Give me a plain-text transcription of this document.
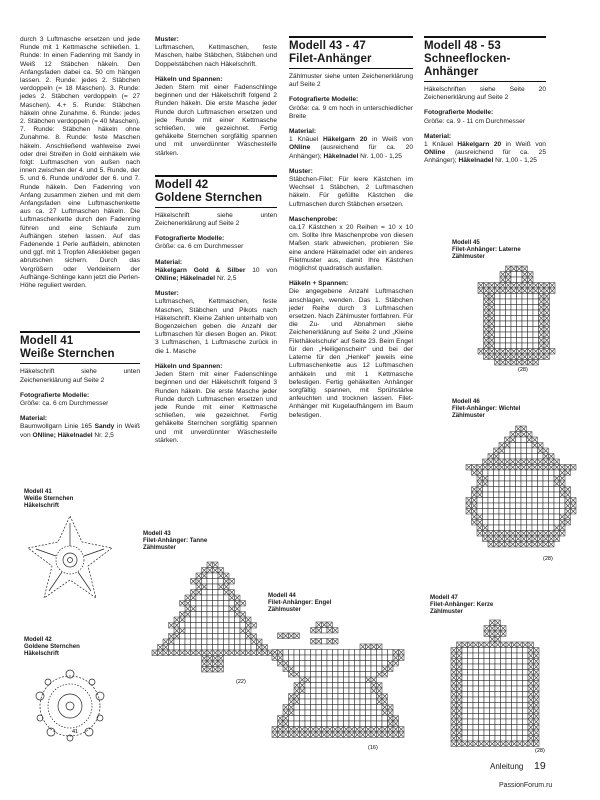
durch 3 Luftmasche ersetzen und jede Runde mit 1 Kettmasche schließen. 1. Runde: In einen Fadenring mit Sandy in Weiß 12 Stäbchen häkeln. Den Anfangsfaden dabei ca. 50 cm hängen lassen. 2. Runde: jedes 2. Stäbchen verdoppeln (= 18 Maschen). 3. Runde: jedes 2. Stäbchen verdoppeln (= 27 Maschen). 4.+ 5. Runde: Stäbchen häkeln ohne Zunahme. 6. Runde: jedes 2. Stäbchen verdoppeln (= 40 Maschen). 7. Runde: Stäbchen häkeln ohne Zunahme. 8. Runde: feste Maschen häkeln. Anschließend wahlweise zwei oder drei Streifen in Gold einhäkeln wie folgt: Luftmaschen von außen nach innen zwischen der 4. und 5. Runde, der 5. und 6. Runde und/oder der 6. und 7. Runde häkeln. Den Fadenring von Anfang zusammen ziehen und mit dem Anfangsfaden eine Luftmaschenkette aus ca. 27 Luftmaschen häkeln. Die Luftmaschenkette durch den Fadenring führen und eine Schlaufe zum Aufhängen stehen lassen. Auf das Fadenende 1 Perle auffädeln, abknoten und ggf. mit 1 Tropfen Alleskleber gegen abrutschen sichern. Durch das Vergrößern oder Verkleinern der Aufhänge-Schlinge kann jetzt die Perlen-Höhe reguliert werden.

Modell 41
Weiße Sternchen

Häkelschrift siehe unten Zeichenerklärung auf Seite 2

Fotografierte Modelle:
Größe: ca. 6 cm Durchmesser

Material:
Baumwollgarn Linie 165 Sandy in Weiß von ONline; Häkelnadel Nr. 2,5

Muster:
Luftmaschen, Kettmaschen, feste Maschen, halbe Stäbchen, Stäbchen und Doppelstäbchen nach Häkelschrift.

Häkeln und Spannen:
Jeden Stern mit einer Fadenschlinge beginnen und der Häkelschrift folgend 2 Runden häkeln. Die erste Masche jeder Runde durch Luftmaschen ersetzen und jede Runde mit einer Kettmasche schließen, wie gezeichnet. Fertig gehäkelte Sternchen sorgfältig spannen und mit unverdünnter Wäschesteife stärken.

Modell 42
Goldene Sternchen

Häkelschrift siehe unten Zeichenerklärung auf Seite 2

Fotografierte Modelle:
Größe: ca. 6 cm Durchmesser

Material:
Häkelgarn Gold & Silber 10 von ONline; Häkelnadel Nr. 2,5

Muster:
Luftmaschen, Kettmaschen, feste Maschen, Stäbchen und Pikots nach Häkelschrift. Kleine Zahlen unterhalb von Bogenzeichen geben die Anzahl der Luftmaschen für diesen Bogen an. Pikot: 3 Luftmaschen, 1 Luftmasche zurück in die 1. Masche

Häkeln und Spannen:
Jeden Stern mit einer Fadenschlinge beginnen und der Häkelschrift folgend 3 Runden häkeln. Die erste Masche jeder Runde durch Luftmaschen ersetzen und jede Runde mit einer Kettmasche schließen, wie gezeichnet. Fertig gehäkelte Sternchen sorgfältig spannen und mit unverdünnter Wäschesteife stärken.

Modell 43 - 47
Filet-Anhänger

Zählmuster siehe unten Zeichenerklärung auf Seite 2

Fotografierte Modelle:
Größe: ca. 9 cm hoch in unterschiedlicher Breite

Material:
1 Knäuel Häkelgarn 20 in Weiß von ONline (ausreichend für ca. 20 Anhänger); Häkelnadel Nr. 1,00 - 1,25

Muster:
Stäbchen-Filet: Für leere Kästchen im Wechsel 1 Stäbchen, 2 Luftmaschen häkeln. Für gefüllte Kästchen die Luftmaschen durch Stäbchen ersetzen.

Maschenprobe:
ca.17 Kästchen x 20 Reihen = 10 x 10 cm. Sollte Ihre Maschenprobe von diesen Maßen stark abweichen, probieren Sie eine andere Häkelnadel oder ein anderes Filetmuster aus, damit Ihre Kästchen möglichst quadratisch ausfallen.

Häkeln + Spannen:
Die angegebene Anzahl Luftmaschen anschlagen, wenden. Das 1. Stäbchen jeder Reihe durch 3 Luftmaschen ersetzen. Nach Zählmuster fortfahren. Für die Zu- und Abnahmen siehe Zeichenerklärung auf Seite 2 und „Kleine Filethäkelschule“ auf Seite 23. Beim Engel für den „Heiligenschein“ und bei der Laterne für den „Henkel“ jeweils eine Luftmaschenkette aus 12 Luftmaschen anhäkeln und mit 1 Kettmasche befestigen. Fertig gehäkelten Anhänger sorgfältig spannen, mit Sprühstärke anfeuchten und trocknen lassen. Filet-Anhänger mit Kugelaufhängern im Baum befestigen.

Modell 48 - 53
Schneeflocken-
Anhänger

Häkelschriften siehe Seite 20 Zeichenerklärung auf Seite 2

Fotografierte Modelle:
Größe: ca. 9 - 11 cm Durchmesser

Material:
1 Knäuel Häkelgarn 20 in Weiß von ONline (ausreichend für ca. 25 Anhänger); Häkelnadel Nr. 1,00 - 1,25

Modell 41
Weiße Sternchen
Häkelschrift
Modell 42
Goldene Sternchen
Häkelschrift
Modell 43
Filet-Anhänger: Tanne
Zählmuster
Modell 44
Filet-Anhänger: Engel
Zählmuster
Modell 45
Filet-Anhänger: Laterne
Zählmuster
Modell 46
Filet-Anhänger: Wichtel
Zählmuster
Modell 47
Filet-Anhänger: Kerze
Zählmuster
41
(22)
(16)
(28)
(28)
(28)
Anleitung 19
PassionForum.ru
